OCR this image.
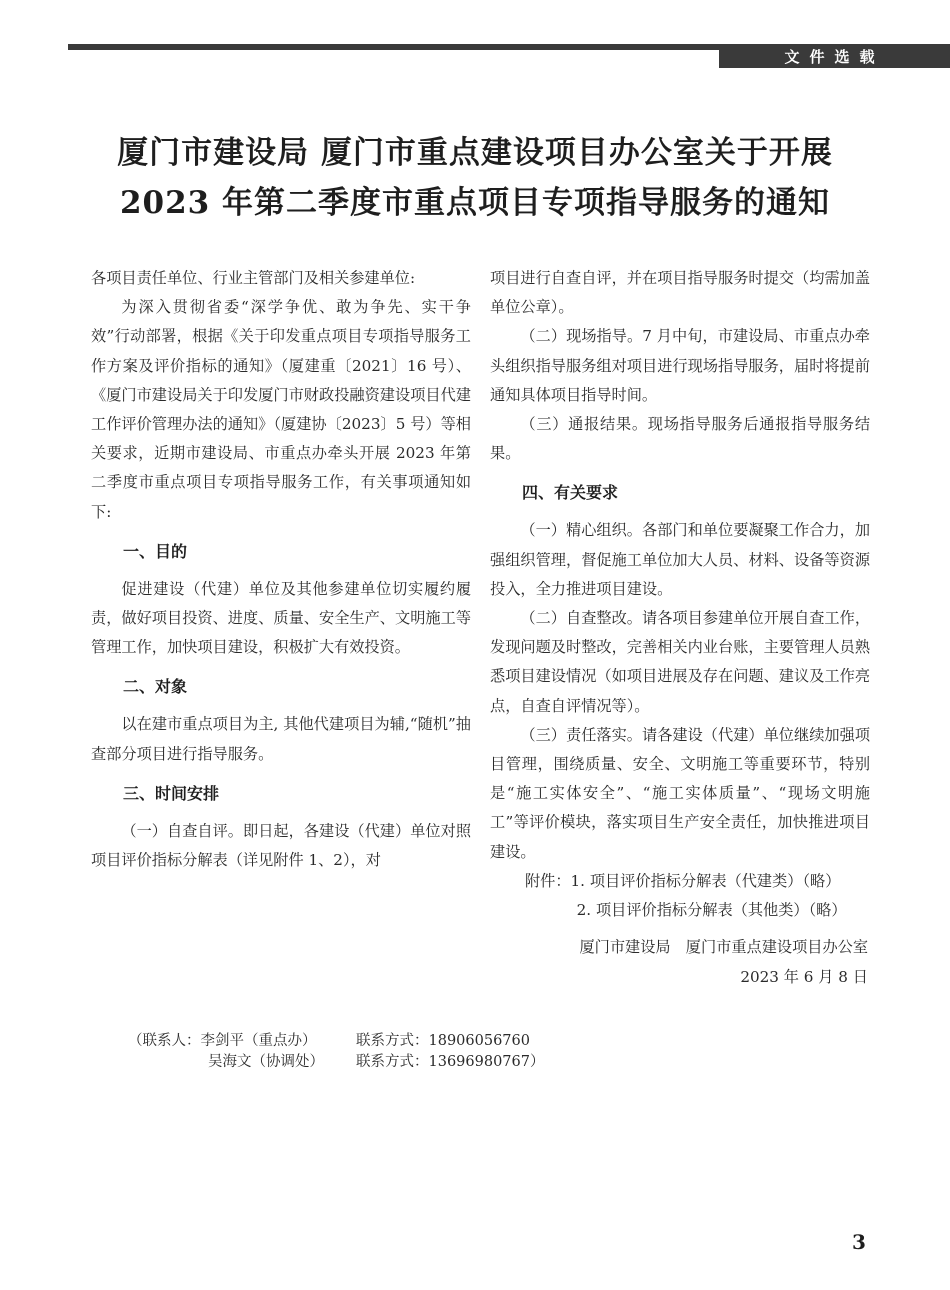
文件选载
厦门市建设局 厦门市重点建设项目办公室关于开展
2023 年第二季度市重点项目专项指导服务的通知

各项目责任单位、行业主管部门及相关参建单位:

为深入贯彻省委“深学争优、敢为争先、实干争效”行动部署，根据《关于印发重点项目专项指导服务工作方案及评价指标的通知》（厦建重〔2021〕16 号）、《厦门市建设局关于印发厦门市财政投融资建设项目代建工作评价管理办法的通知》（厦建协〔2023〕5 号）等相关要求，近期市建设局、市重点办牵头开展 2023 年第二季度市重点项目专项指导服务工作，有关事项通知如下:

一、目的

促进建设（代建）单位及其他参建单位切实履约履责，做好项目投资、进度、质量、安全生产、文明施工等管理工作，加快项目建设，积极扩大有效投资。

二、对象

以在建市重点项目为主, 其他代建项目为辅,“随机”抽查部分项目进行指导服务。

三、时间安排

（一）自查自评。即日起，各建设（代建）单位对照项目评价指标分解表（详见附件 1、2），对

项目进行自查自评，并在项目指导服务时提交（均需加盖单位公章）。

（二）现场指导。7 月中旬，市建设局、市重点办牵头组织指导服务组对项目进行现场指导服务，届时将提前通知具体项目指导时间。

（三）通报结果。现场指导服务后通报指导服务结果。

四、有关要求

（一）精心组织。各部门和单位要凝聚工作合力，加强组织管理，督促施工单位加大人员、材料、设备等资源投入，全力推进项目建设。

（二）自查整改。请各项目参建单位开展自查工作，发现问题及时整改，完善相关内业台账，主要管理人员熟悉项目建设情况（如项目进展及存在问题、建议及工作亮点，自查自评情况等）。

（三）责任落实。请各建设（代建）单位继续加强项目管理，围绕质量、安全、文明施工等重要环节，特别是“施工实体安全”、“施工实体质量”、“现场文明施工”等评价模块，落实项目生产安全责任，加快推进项目建设。

附件：1. 项目评价指标分解表（代建类）（略）
2. 项目评价指标分解表（其他类）（略）
厦门市建设局　厦门市重点建设项目办公室
2023 年 6 月 8 日
（联系人：李剑平（重点办）	联系方式：18906056760
吴海文（协调处）	联系方式：13696980767）
3
